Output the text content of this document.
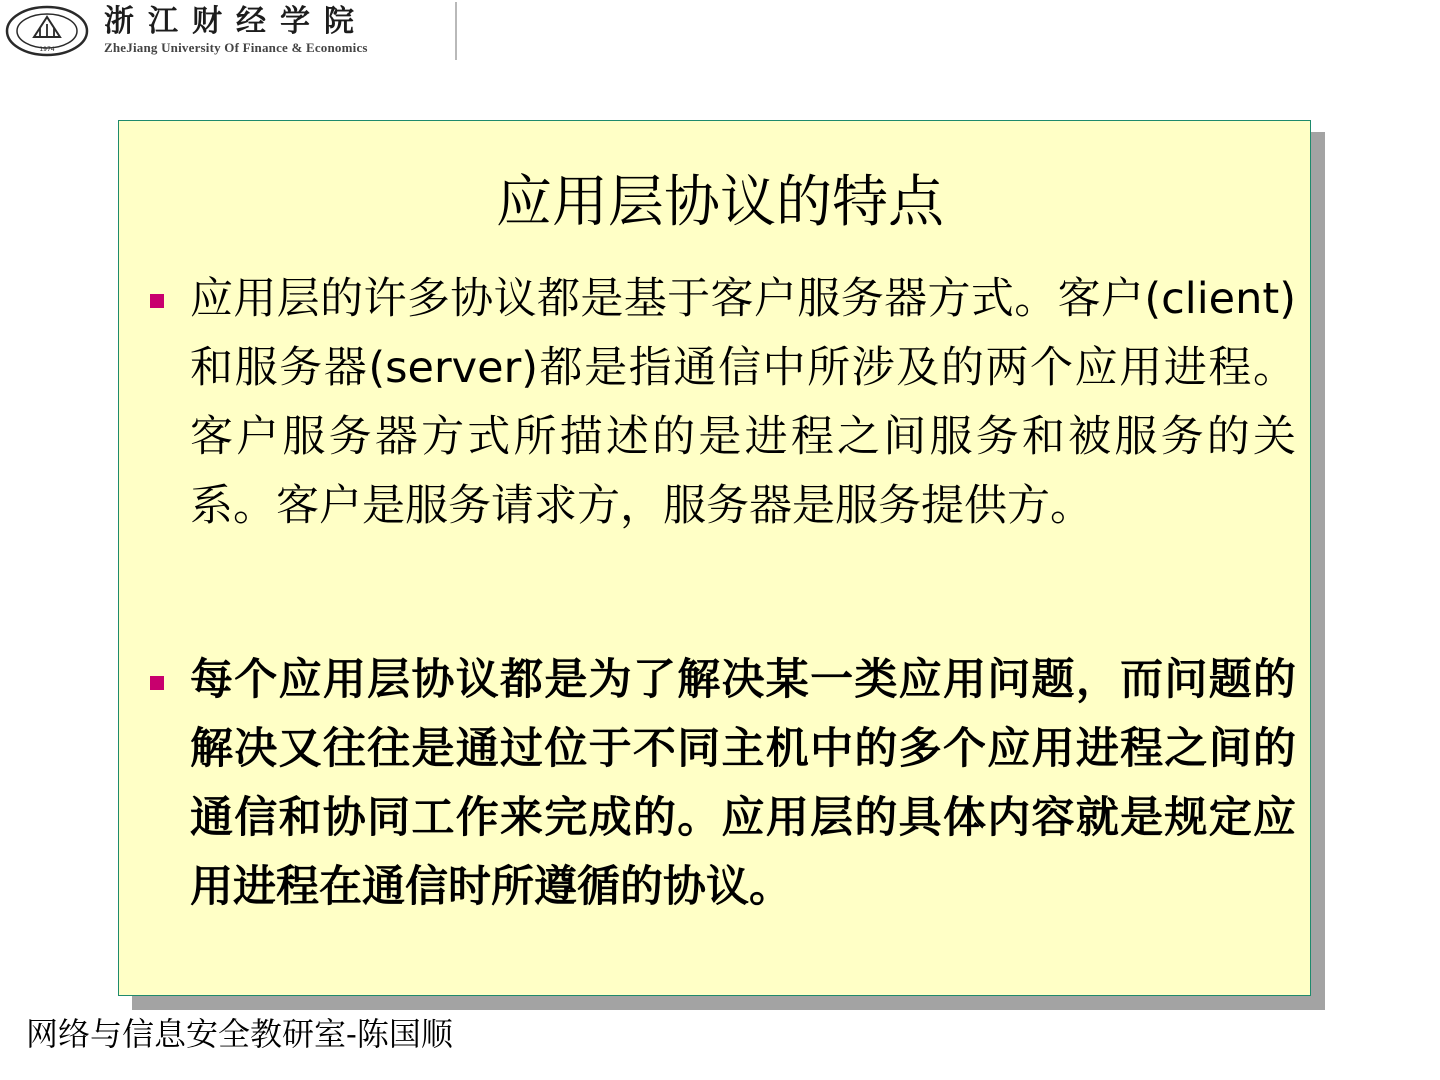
1974
浙江财经学院
ZheJiang University Of Finance & Economics
应用层协议的特点
应用层的许多协议都是基于客户服务器方式。客户(client)和服务器(server)都是指通信中所涉及的两个应用进程。客户服务器方式所描述的是进程之间服务和被服务的关系。客户是服务请求方，服务器是服务提供方。
每个应用层协议都是为了解决某一类应用问题，而问题的解决又往往是通过位于不同主机中的多个应用进程之间的通信和协同工作来完成的。应用层的具体内容就是规定应用进程在通信时所遵循的协议。
网络与信息安全教研室-陈国顺
